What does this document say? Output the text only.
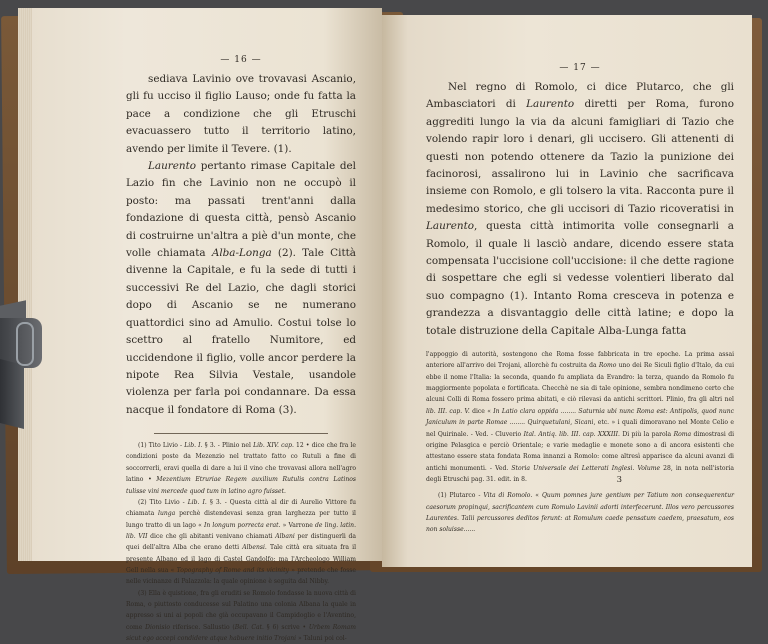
— 16 —

sediava Lavinio ove trovavasi Ascanio, gli fu ucciso il figlio Lauso; onde fu fatta la pace a condizione che gli Etruschi evacuassero tutto il territorio latino, avendo per limite il Tevere. (1).

Laurento pertanto rimase Capitale del Lazio fin che Lavinio non ne occupò il posto: ma passati trent'anni dalla fondazione di questa città, pensò Ascanio di costruirne un'altra a piè d'un monte, che volle chiamata Alba-Longa (2). Tale Città divenne la Capitale, e fu la sede di tutti i successivi Re del Lazio, che dagli storici dopo di Ascanio se ne numerano quattordici sino ad Amulio. Costui tolse lo scettro al fratello Numitore, ed uccidendone il figlio, volle ancor perdere la nipote Rea Silvia Vestale, usandole violenza per farla poi condannare. Da essa nacque il fondatore di Roma (3).

(1) Tito Livio - Lib. I. § 3. - Plinio nel Lib. XIV. cap. 12 • dice che fra le condizioni poste da Mezenzio nel trattato fatto co Rutuli a fine di soccorrerli, eravi quella di dare a lui il vino che trovavasi allora nell'agro latino • Mezentium Etruriae Regem auxilium Rutulis contra Latinos tulisse vini mercede quod tum in latino agro fuisset.

(2) Tito Livio - Lib. I. § 3. - Questa città al dir di Aurelio Vittore fu chiamata lunga perchè distendevasi senza gran larghezza per tutto il lungo tratto di un lago « In longum porrecta erat. » Varrone de ling. latin. lib. VII dice che gli abitanti venivano chiamati Albani per distinguerli da quei dell'altra Alba che erano detti Albensi. Tale città era situata fra il presente Albano ed il lago di Castel Gandolfo; ma l'Archeologo William Gell nella sua « Topography of Rome and its vicinity » pretende che fosse nelle vicinanze di Palazzola: la quale opinione è seguita dal Nibby.

(3) Ella è quistione, fra gli eruditi se Romolo fondasse la nuova città di Roma, o piuttosto conducesse sul Palatino una colonia Albana la quale in appresso si uni ai popoli che già occupavano il Campidoglio e l'Aventino, come Dionisio riferisce. Sallustio (Bell. Cat. § 6) scrive • Urbem Romam sicut ego accepi condidere atque habuere initio Trojani » Taluni poi col-

— 17 —

Nel regno di Romolo, ci dice Plutarco, che gli Ambasciatori di Laurento diretti per Roma, furono aggrediti lungo la via da alcuni famigliari di Tazio che volendo rapir loro i denari, gli uccisero. Gli attenenti di questi non potendo ottenere da Tazio la punizione dei facinorosi, assalirono lui in Lavinio che sacrificava insieme con Romolo, e gli tolsero la vita. Racconta pure il medesimo storico, che gli uccisori di Tazio ricoveratisi in Laurento, questa città intimorita volle consegnarli a Romolo, il quale li lasciò andare, dicendo essere stata compensata l'uccisione coll'uccisione: il che dette ragione di sospettare che egli si vedesse volentieri liberato dal suo compagno (1). Intanto Roma cresceva in potenza e grandezza a disvantaggio delle città latine; e dopo la totale distruzione della Capitale Alba-Lunga fatta

l'appoggio di autorità, sostengono che Roma fosse fabbricata in tre epoche. La prima assai anteriore all'arrivo dei Trojani, allorchè fu costruita da Romo uno dei Re Siculi figlio d'Italo, da cui ebbe il nome l'Italia: la seconda, quando fu ampliata da Evandro: la terza, quando da Romolo fu maggiormente popolata e fortificata. Checchè ne sia di tale opinione, sembra nondimeno certo che alcuni Colli di Roma fossero prima abitati, e ciò rilevasi da antichi scrittori. Plinio, fra gli altri nel lib. III. cap. V. dice « In Latio clara oppida ........ Saturnia ubi nunc Roma est: Antipolis, quod nunc Janiculum in parte Romae ........ Quirquetulani, Sicani, etc. » i quali dimoravano nel Monte Celio e nel Quirinale. - Ved. - Cluverio Ital. Antiq. lib. III. cap. XXXIII. Di più la parola Roma dimostrasi di origine Pelasgica e perciò Orientale; e varie medaglie e monete sono a dì ancora esistenti che attestano essere stata fondata Roma innanzi a Romolo: come altresì apparisce da alcuni avanzi di antichi monumenti. - Ved. Storia Universale dei Letterati Inglesi. Volume 28, in nota nell'istoria degli Etruschi pag. 31. edit. in 8.

(1) Plutarco - Vita di Romolo. « Quum pomnes jure gentium per Tatium non consequerentur caesorum propinqui, sacrificantem cum Romulo Lavinii adorti interfecerunt. Illos vero percussores Laurentes. Talii percussores deditos ferunt: at Romulum caede pensatum caedem, praesatum, eos non soluisse......

3
